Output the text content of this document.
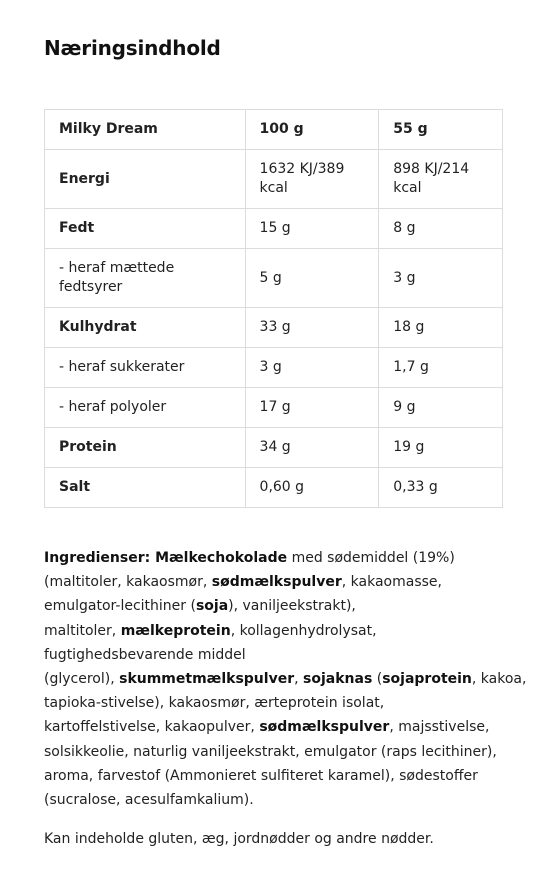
Næringsindhold
Milky Dream	100 g	55 g
Energi	1632 KJ/389 kcal	898 KJ/214 kcal
Fedt	15 g	8 g
- heraf mættede fedtsyrer	5 g	3 g
Kulhydrat	33 g	18 g
- heraf sukkerater	3 g	1,7 g
- heraf polyoler	17 g	9 g
Protein	34 g	19 g
Salt	0,60 g	0,33 g
Ingredienser: Mælkechokolade med sødemiddel (19%)
(maltitoler, kakaosmør, sødmælkspulver, kakaomasse,
emulgator-lecithiner (soja), vaniljeekstrakt),
maltitoler, mælkeprotein, kollagenhydrolysat,
fugtighedsbevarende middel
(glycerol), skummetmælkspulver, sojaknas (sojaprotein, kakoa,
tapioka-stivelse), kakaosmør, ærteprotein isolat,
kartoffelstivelse, kakaopulver, sødmælkspulver, majsstivelse,
solsikkeolie, naturlig vaniljeekstrakt, emulgator (raps lecithiner),
aroma, farvestof (Ammonieret sulfiteret karamel), sødestoffer
(sucralose, acesulfamkalium).

Kan indeholde gluten, æg, jordnødder og andre nødder.
